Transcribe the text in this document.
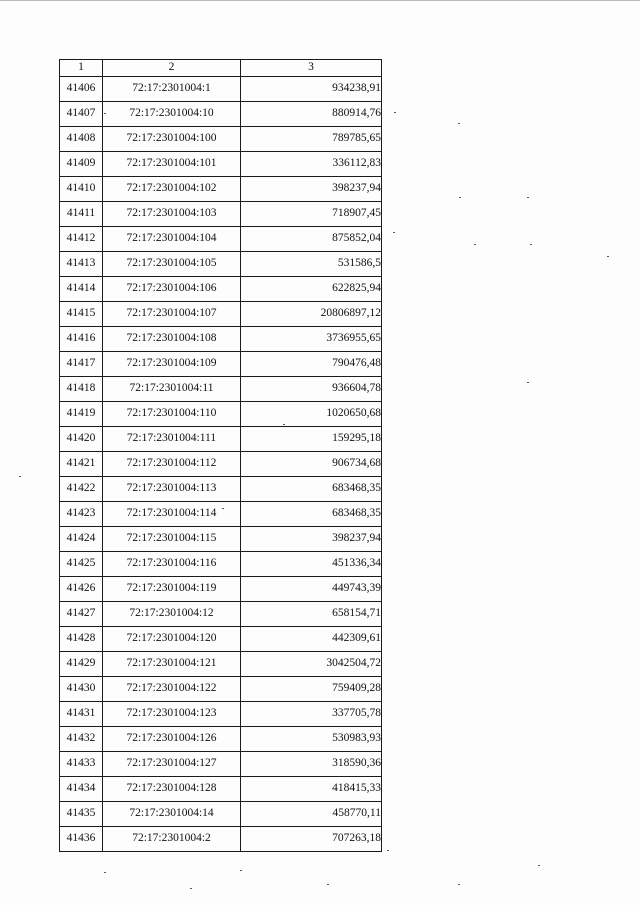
1	2	3
41406	72:17:2301004:1	934238,91
41407	72:17:2301004:10	880914,76
41408	72:17:2301004:100	789785,65
41409	72:17:2301004:101	336112,83
41410	72:17:2301004:102	398237,94
41411	72:17:2301004:103	718907,45
41412	72:17:2301004:104	875852,04
41413	72:17:2301004:105	531586,5
41414	72:17:2301004:106	622825,94
41415	72:17:2301004:107	20806897,12
41416	72:17:2301004:108	3736955,65
41417	72:17:2301004:109	790476,48
41418	72:17:2301004:11	936604,78
41419	72:17:2301004:110	1020650,68
41420	72:17:2301004:111	159295,18
41421	72:17:2301004:112	906734,68
41422	72:17:2301004:113	683468,35
41423	72:17:2301004:114	683468,35
41424	72:17:2301004:115	398237,94
41425	72:17:2301004:116	451336,34
41426	72:17:2301004:119	449743,39
41427	72:17:2301004:12	658154,71
41428	72:17:2301004:120	442309,61
41429	72:17:2301004:121	3042504,72
41430	72:17:2301004:122	759409,28
41431	72:17:2301004:123	337705,78
41432	72:17:2301004:126	530983,93
41433	72:17:2301004:127	318590,36
41434	72:17:2301004:128	418415,33
41435	72:17:2301004:14	458770,11
41436	72:17:2301004:2	707263,18
